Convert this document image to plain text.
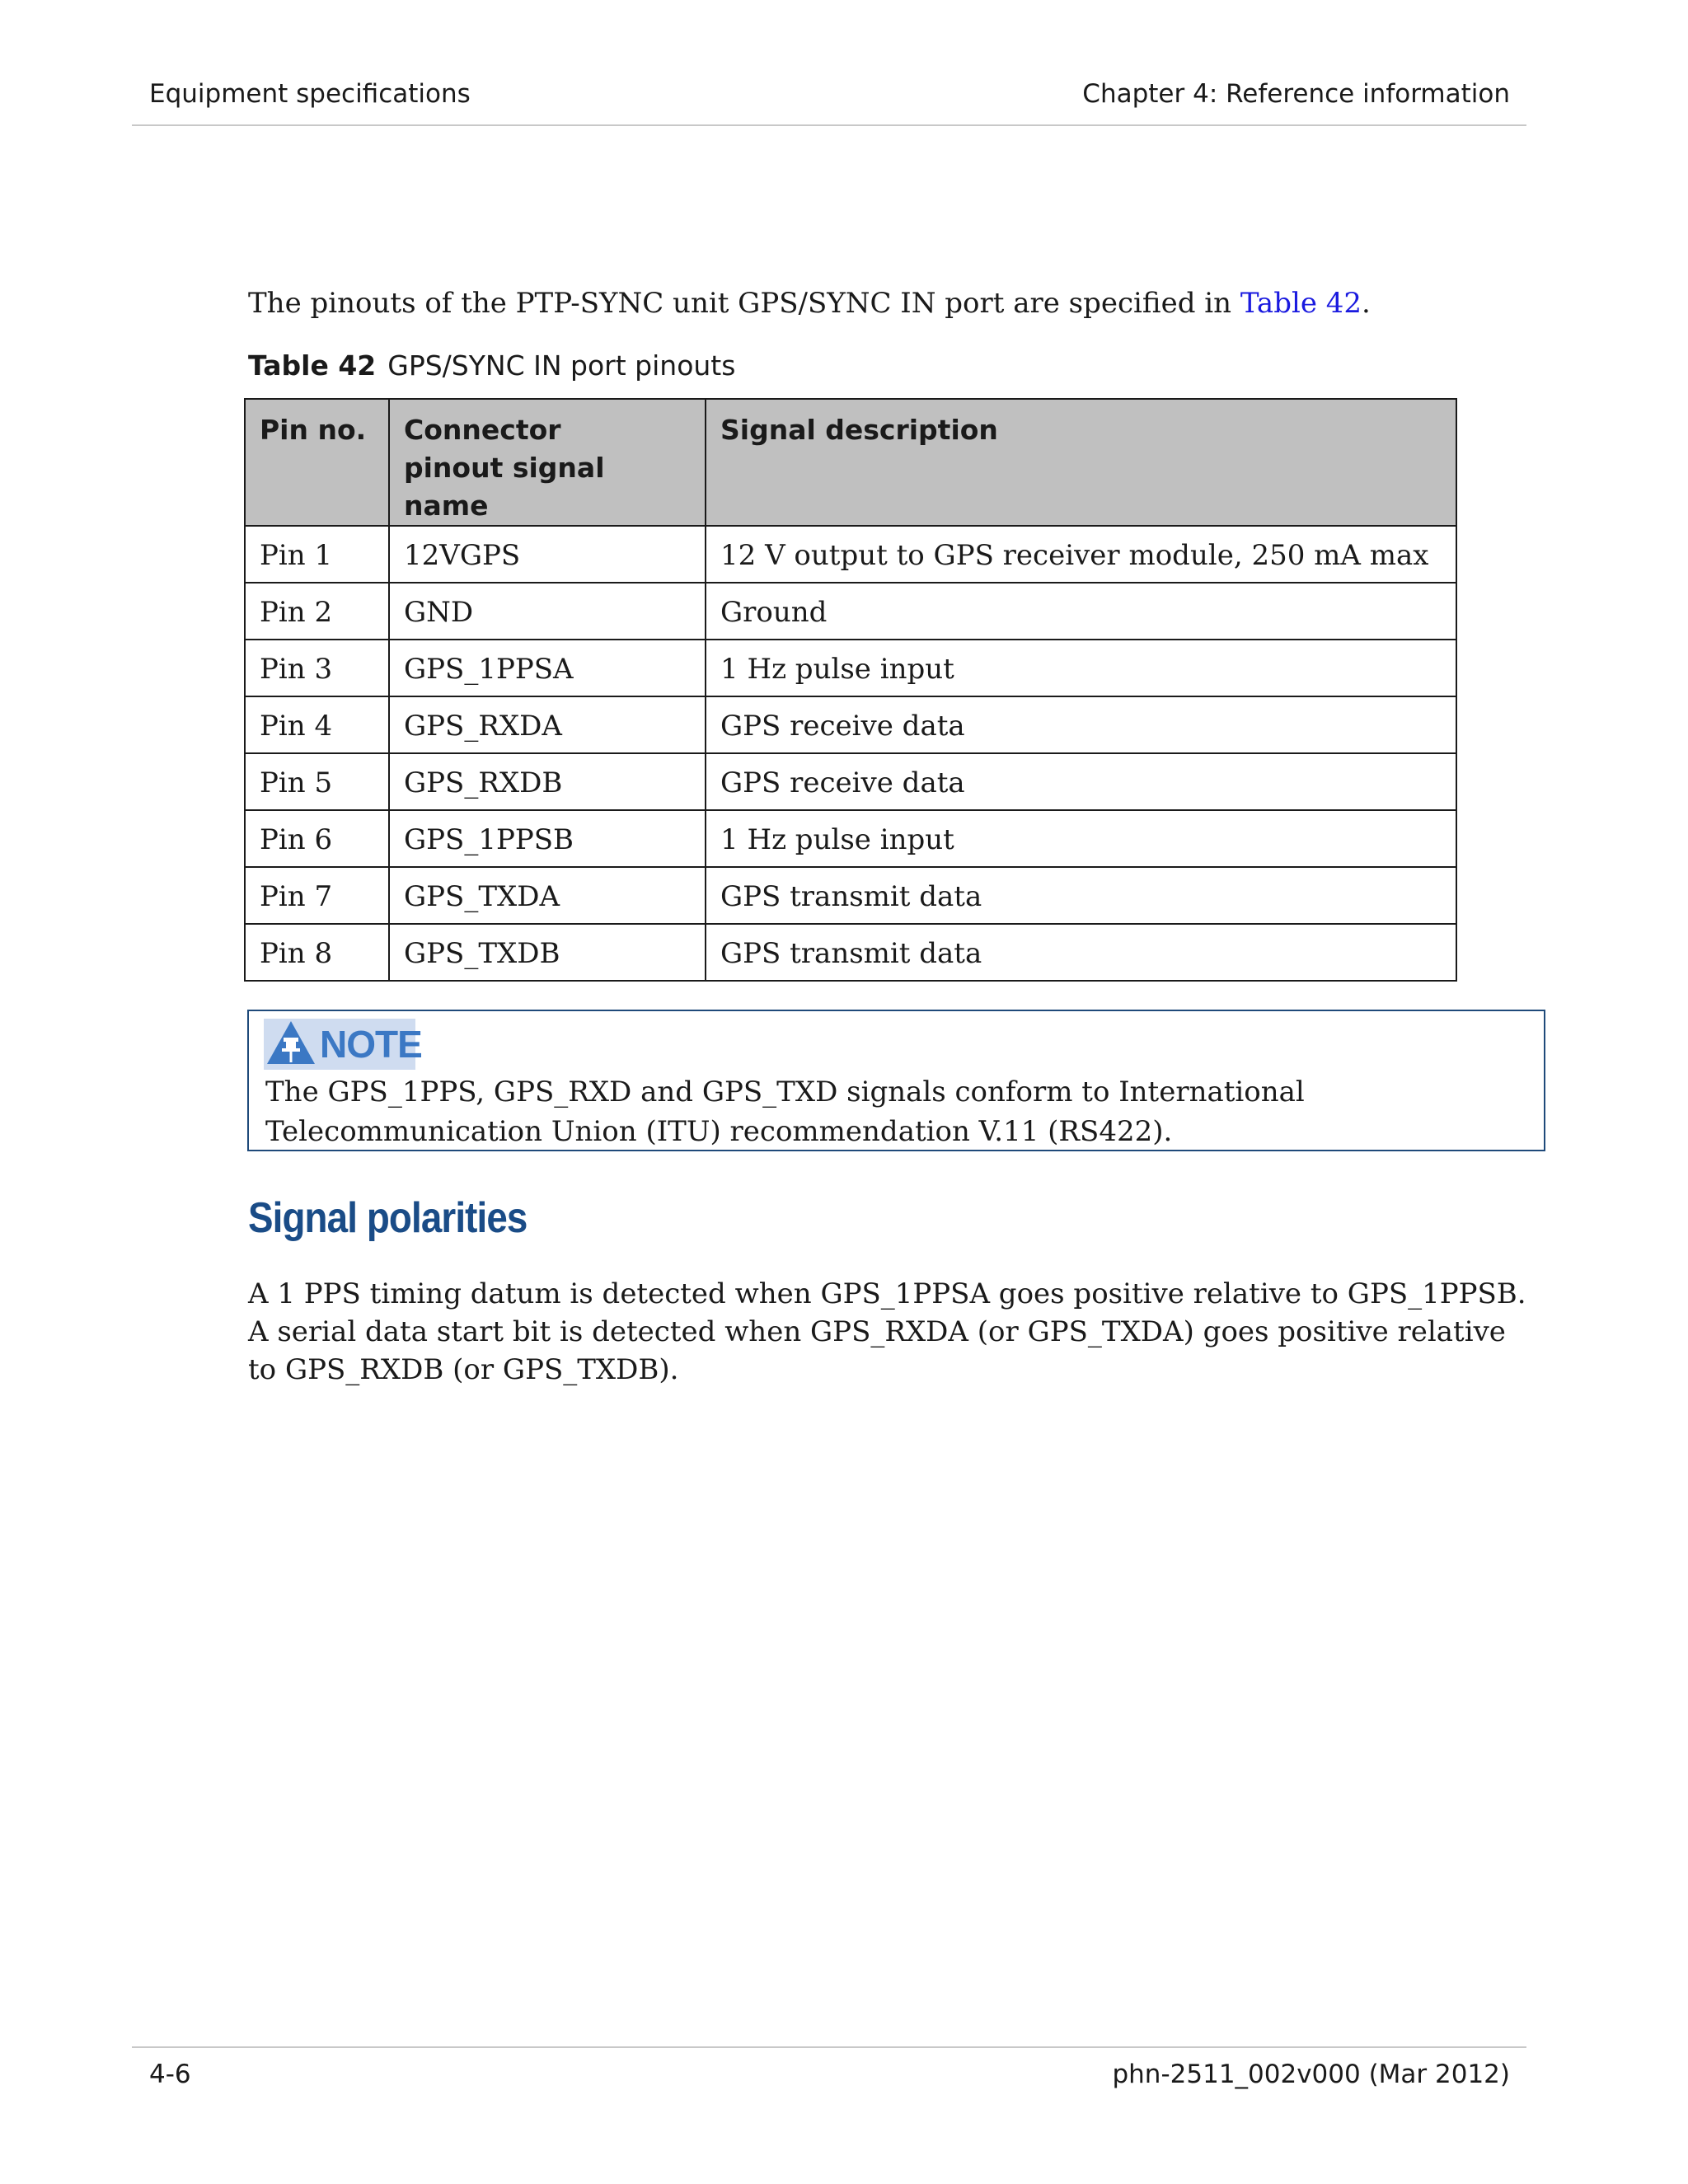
Equipment specifications	Chapter 4: Reference information
The pinouts of the PTP-SYNC unit GPS/SYNC IN port are specified in Table 42.
Table 42 GPS/SYNC IN port pinouts
Pin no.	Connector pinout signal name	Signal description
Pin 1	12VGPS	12 V output to GPS receiver module, 250 mA max
Pin 2	GND	Ground
Pin 3	GPS_1PPSA	1 Hz pulse input
Pin 4	GPS_RXDA	GPS receive data
Pin 5	GPS_RXDB	GPS receive data
Pin 6	GPS_1PPSB	1 Hz pulse input
Pin 7	GPS_TXDA	GPS transmit data
Pin 8	GPS_TXDB	GPS transmit data
NOTE
The GPS_1PPS, GPS_RXD and GPS_TXD signals conform to International Telecommunication Union (ITU) recommendation V.11 (RS422).
Signal polarities

A 1 PPS timing datum is detected when GPS_1PPSA goes positive relative to GPS_1PPSB.

A serial data start bit is detected when GPS_RXDA (or GPS_TXDA) goes positive relative to GPS_RXDB (or GPS_TXDB).

4-6	phn-2511_002v000 (Mar 2012)
